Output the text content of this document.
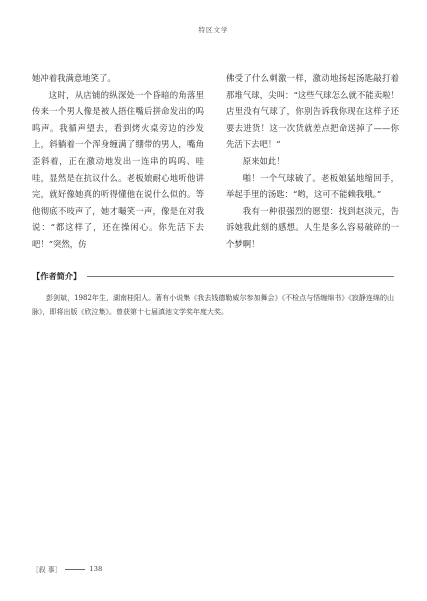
特区文学

她冲着我满意地笑了。

这时，从店铺的纵深处一个昏暗的角落里传来一个男人像是被人捂住嘴后拼命发出的呜呜声。我循声望去，看到烤火桌旁边的沙发上，斜躺着一个浑身缠满了绷带的男人，嘴角歪斜着，正在激动地发出一连串的呜呜、哇哇，显然是在抗议什么。老板娘耐心地听他讲完，就好像她真的听得懂他在说什么似的。等他彻底不吱声了，她才嘬笑一声，像是在对我说：“都这样了，还在操闲心。你先活下去吧！”突然，仿

佛受了什么刺激一样，激动地扬起汤匙敲打着那堆气球，尖叫：“这些气球怎么就不能卖啦！店里没有气球了，你别告诉我你现在这样子还要去进货！这一次货就差点把命送掉了——你先活下去吧！”

原来如此！

啪！一个气球破了。老板娘猛地缩回手，举起手里的汤匙：“哟，这可不能赖我哦。”

我有一种很强烈的愿望：找到赵淡元，告诉她我此刻的感想。人生是多么容易破碎的一个梦啊！

【作者简介】

彭剑斌，1982年生，湖南桂阳人。著有小说集《我去钱德勒威尔参加舞会》《不检点与悟缠绵书》《寂静连绵的山脉》，即将出版《欣泣集》。曾获第十七届滇池文学奖年度大奖。

［叙 事］	138
